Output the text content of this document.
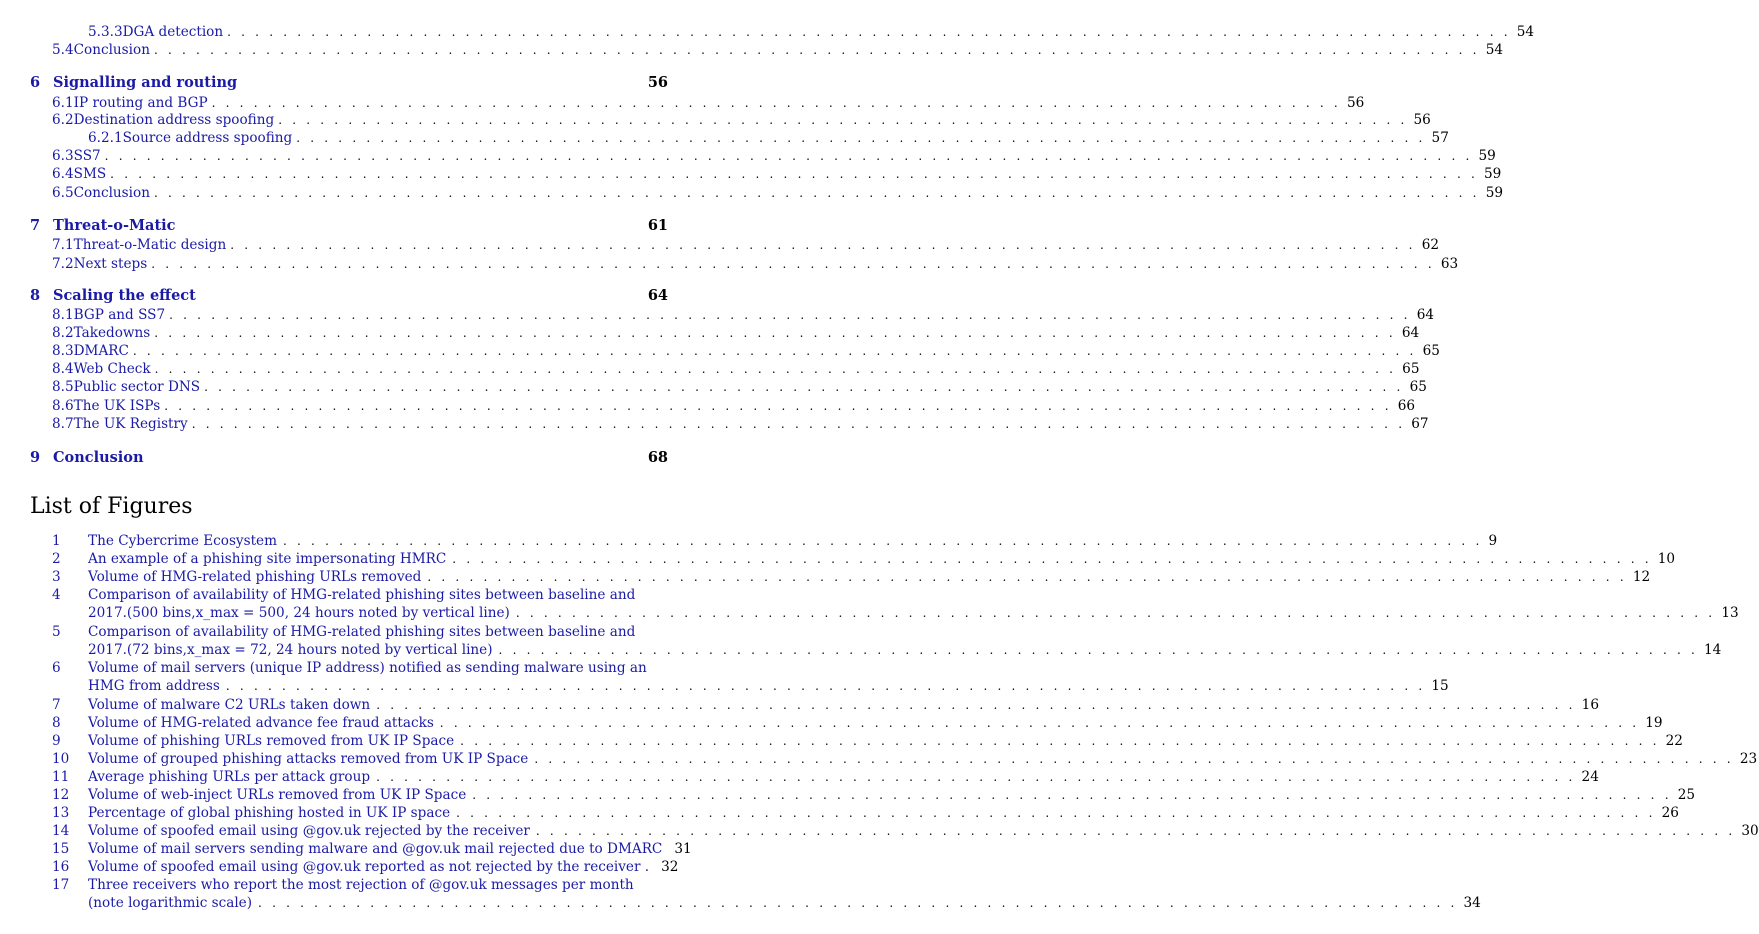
5.3.3 DGA detection . . . . . . . . . . . . . . . . . . . . . . . . . . . . . . . . . . . . . . . . . . . . . . . . . . . . . . . . . . . . . . . . . . . . . . . . . . . . . . . . . . . . . . . . . . . . 54
5.4 Conclusion . . . . . . . . . . . . . . . . . . . . . . . . . . . . . . . . . . . . . . . . . . . . . . . . . . . . . . . . . . . . . . . . . . . . . . . . . . . . . . . . . . . . . . . . . . . . . . . 54
6 Signalling and routing	56
6.1 IP routing and BGP . . . . . . . . . . . . . . . . . . . . . . . . . . . . . . . . . . . . . . . . . . . . . . . . . . . . . . . . . . . . . . . . . . . . . . . . . . . . . . . . . 56
6.2 Destination address spoofing . . . . . . . . . . . . . . . . . . . . . . . . . . . . . . . . . . . . . . . . . . . . . . . . . . . . . . . . . . . . . . . . . . . . . . . . . . . . . . . . . 56
6.2.1 Source address spoofing . . . . . . . . . . . . . . . . . . . . . . . . . . . . . . . . . . . . . . . . . . . . . . . . . . . . . . . . . . . . . . . . . . . . . . . . . . . . . . . . . 57
6.3 SS7 . . . . . . . . . . . . . . . . . . . . . . . . . . . . . . . . . . . . . . . . . . . . . . . . . . . . . . . . . . . . . . . . . . . . . . . . . . . . . . . . . . . . . . . . . . . . . . . . . . 59
6.4 SMS . . . . . . . . . . . . . . . . . . . . . . . . . . . . . . . . . . . . . . . . . . . . . . . . . . . . . . . . . . . . . . . . . . . . . . . . . . . . . . . . . . . . . . . . . . . . . . . . . . 59
6.5 Conclusion . . . . . . . . . . . . . . . . . . . . . . . . . . . . . . . . . . . . . . . . . . . . . . . . . . . . . . . . . . . . . . . . . . . . . . . . . . . . . . . . . . . . . . . . . . . . . . . 59
7 Threat-o-Matic	61
7.1 Threat-o-Matic design . . . . . . . . . . . . . . . . . . . . . . . . . . . . . . . . . . . . . . . . . . . . . . . . . . . . . . . . . . . . . . . . . . . . . . . . . . . . . . . . . . . . . 62
7.2 Next steps . . . . . . . . . . . . . . . . . . . . . . . . . . . . . . . . . . . . . . . . . . . . . . . . . . . . . . . . . . . . . . . . . . . . . . . . . . . . . . . . . . . . . . . . . . . . 63
8 Scaling the effect	64
8.1 BGP and SS7 . . . . . . . . . . . . . . . . . . . . . . . . . . . . . . . . . . . . . . . . . . . . . . . . . . . . . . . . . . . . . . . . . . . . . . . . . . . . . . . . . . . . . . . . . 64
8.2 Takedowns . . . . . . . . . . . . . . . . . . . . . . . . . . . . . . . . . . . . . . . . . . . . . . . . . . . . . . . . . . . . . . . . . . . . . . . . . . . . . . . . . . . . . . . . . 64
8.3 DMARC . . . . . . . . . . . . . . . . . . . . . . . . . . . . . . . . . . . . . . . . . . . . . . . . . . . . . . . . . . . . . . . . . . . . . . . . . . . . . . . . . . . . . . . . . . . . 65
8.4 Web Check . . . . . . . . . . . . . . . . . . . . . . . . . . . . . . . . . . . . . . . . . . . . . . . . . . . . . . . . . . . . . . . . . . . . . . . . . . . . . . . . . . . . . . . . . 65
8.5 Public sector DNS . . . . . . . . . . . . . . . . . . . . . . . . . . . . . . . . . . . . . . . . . . . . . . . . . . . . . . . . . . . . . . . . . . . . . . . . . . . . . . . . . . . . . . 65
8.6 The UK ISPs . . . . . . . . . . . . . . . . . . . . . . . . . . . . . . . . . . . . . . . . . . . . . . . . . . . . . . . . . . . . . . . . . . . . . . . . . . . . . . . . . . . . . . . . 66
8.7 The UK Registry . . . . . . . . . . . . . . . . . . . . . . . . . . . . . . . . . . . . . . . . . . . . . . . . . . . . . . . . . . . . . . . . . . . . . . . . . . . . . . . . . . . . . . . 67
9 Conclusion	68
List of Figures
1	The Cybercrime Ecosystem . . . . . . . . . . . . . . . . . . . . . . . . . . . . . . . . . . . . . . . . . . . . . . . . . . . . . . . . . . . . . . . . . . . . . . . . . . . . . . . . . . . . . . 9
2	An example of a phishing site impersonating HMRC . . . . . . . . . . . . . . . . . . . . . . . . . . . . . . . . . . . . . . . . . . . . . . . . . . . . . . . . . . . . . . . . . . . . . . . . . . . . . . . . . . . . . . 10
3	Volume of HMG-related phishing URLs removed . . . . . . . . . . . . . . . . . . . . . . . . . . . . . . . . . . . . . . . . . . . . . . . . . . . . . . . . . . . . . . . . . . . . . . . . . . . . . . . . . . . . . . 12
4	Comparison of availability of HMG-related phishing sites between baseline and
2017.(500 bins,x_max = 500, 24 hours noted by vertical line) . . . . . . . . . . . . . . . . . . . . . . . . . . . . . . . . . . . . . . . . . . . . . . . . . . . . . . . . . . . . . . . . . . . . . . . . . . . . . . . . . . . . . . 13
5	Comparison of availability of HMG-related phishing sites between baseline and
2017.(72 bins,x_max = 72, 24 hours noted by vertical line) . . . . . . . . . . . . . . . . . . . . . . . . . . . . . . . . . . . . . . . . . . . . . . . . . . . . . . . . . . . . . . . . . . . . . . . . . . . . . . . . . . . . . . 14
6	Volume of mail servers (unique IP address) notified as sending malware using an
HMG from address . . . . . . . . . . . . . . . . . . . . . . . . . . . . . . . . . . . . . . . . . . . . . . . . . . . . . . . . . . . . . . . . . . . . . . . . . . . . . . . . . . . . . . 15
7	Volume of malware C2 URLs taken down . . . . . . . . . . . . . . . . . . . . . . . . . . . . . . . . . . . . . . . . . . . . . . . . . . . . . . . . . . . . . . . . . . . . . . . . . . . . . . . . . . . . . . 16
8	Volume of HMG-related advance fee fraud attacks . . . . . . . . . . . . . . . . . . . . . . . . . . . . . . . . . . . . . . . . . . . . . . . . . . . . . . . . . . . . . . . . . . . . . . . . . . . . . . . . . . . . . . 19
9	Volume of phishing URLs removed from UK IP Space . . . . . . . . . . . . . . . . . . . . . . . . . . . . . . . . . . . . . . . . . . . . . . . . . . . . . . . . . . . . . . . . . . . . . . . . . . . . . . . . . . . . . . 22
10	Volume of grouped phishing attacks removed from UK IP Space . . . . . . . . . . . . . . . . . . . . . . . . . . . . . . . . . . . . . . . . . . . . . . . . . . . . . . . . . . . . . . . . . . . . . . . . . . . . . . . . . . . . . . 23
11	Average phishing URLs per attack group . . . . . . . . . . . . . . . . . . . . . . . . . . . . . . . . . . . . . . . . . . . . . . . . . . . . . . . . . . . . . . . . . . . . . . . . . . . . . . . . . . . . . . 24
12	Volume of web-inject URLs removed from UK IP Space . . . . . . . . . . . . . . . . . . . . . . . . . . . . . . . . . . . . . . . . . . . . . . . . . . . . . . . . . . . . . . . . . . . . . . . . . . . . . . . . . . . . . . 25
13	Percentage of global phishing hosted in UK IP space . . . . . . . . . . . . . . . . . . . . . . . . . . . . . . . . . . . . . . . . . . . . . . . . . . . . . . . . . . . . . . . . . . . . . . . . . . . . . . . . . . . . . . 26
14	Volume of spoofed email using @gov.uk rejected by the receiver . . . . . . . . . . . . . . . . . . . . . . . . . . . . . . . . . . . . . . . . . . . . . . . . . . . . . . . . . . . . . . . . . . . . . . . . . . . . . . . . . . . . . . 30
15	Volume of mail servers sending malware and @gov.uk mail rejected due to DMARC 31
16	Volume of spoofed email using @gov.uk reported as not rejected by the receiver . 32
17	Three receivers who report the most rejection of @gov.uk messages per month
(note logarithmic scale) . . . . . . . . . . . . . . . . . . . . . . . . . . . . . . . . . . . . . . . . . . . . . . . . . . . . . . . . . . . . . . . . . . . . . . . . . . . . . . . . . . . . . . 34
